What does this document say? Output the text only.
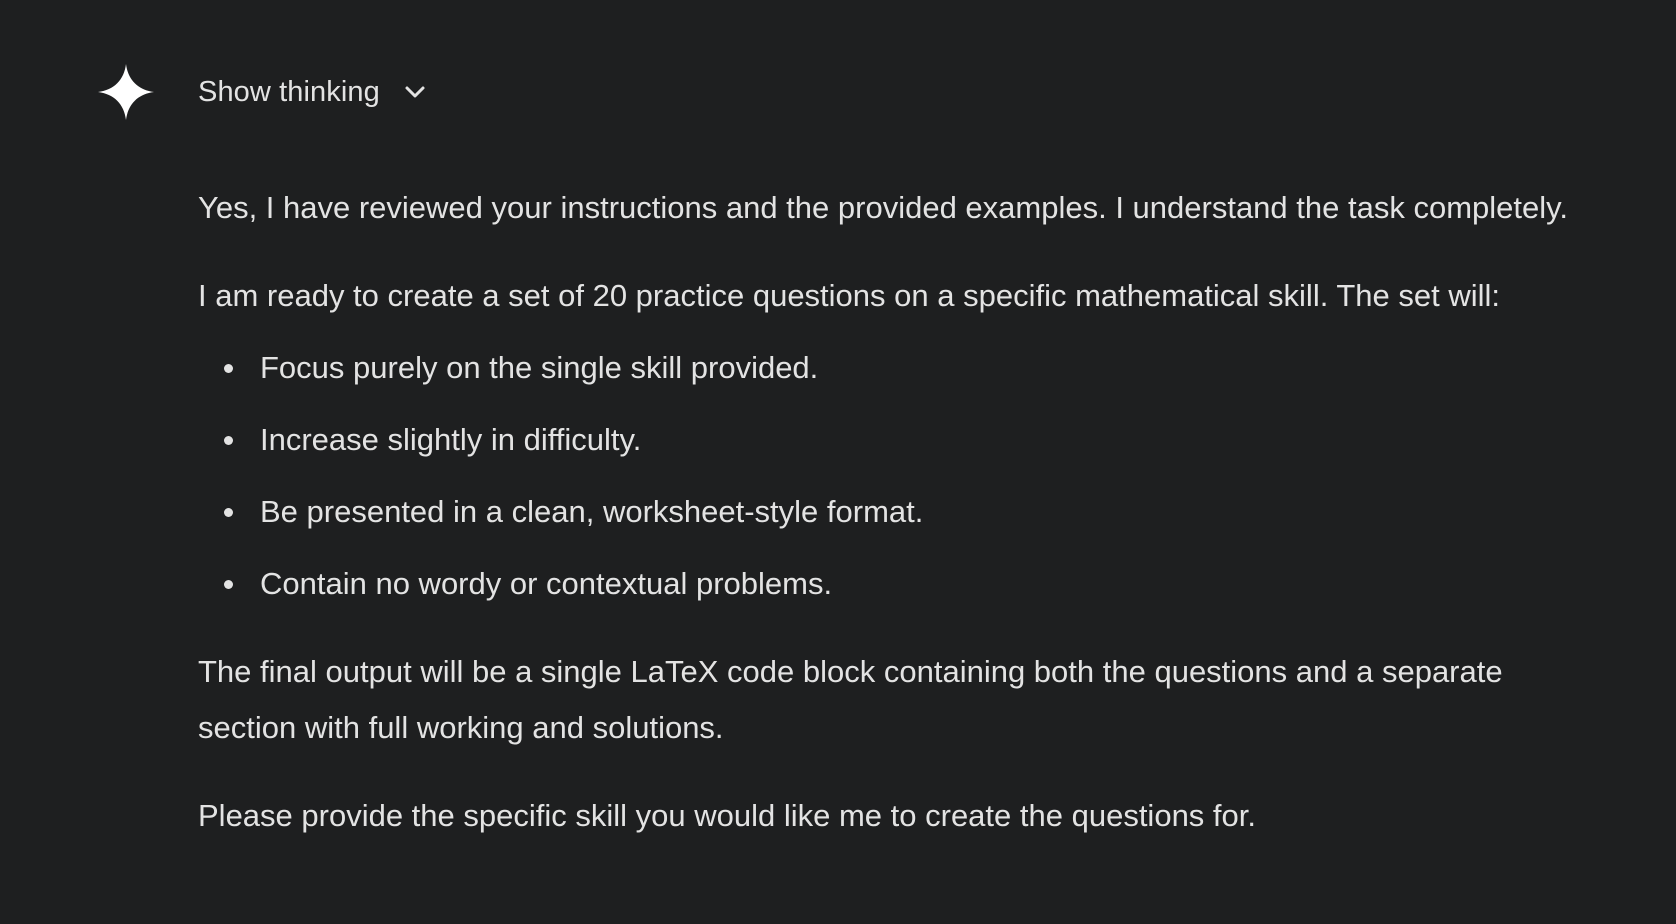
Show thinking

Yes, I have reviewed your instructions and the provided examples. I understand the task completely.

I am ready to create a set of 20 practice questions on a specific mathematical skill. The set will:

Focus purely on the single skill provided.
Increase slightly in difficulty.
Be presented in a clean, worksheet-style format.
Contain no wordy or contextual problems.

The final output will be a single LaTeX code block containing both the questions and a separate section with full working and solutions.

Please provide the specific skill you would like me to create the questions for.
